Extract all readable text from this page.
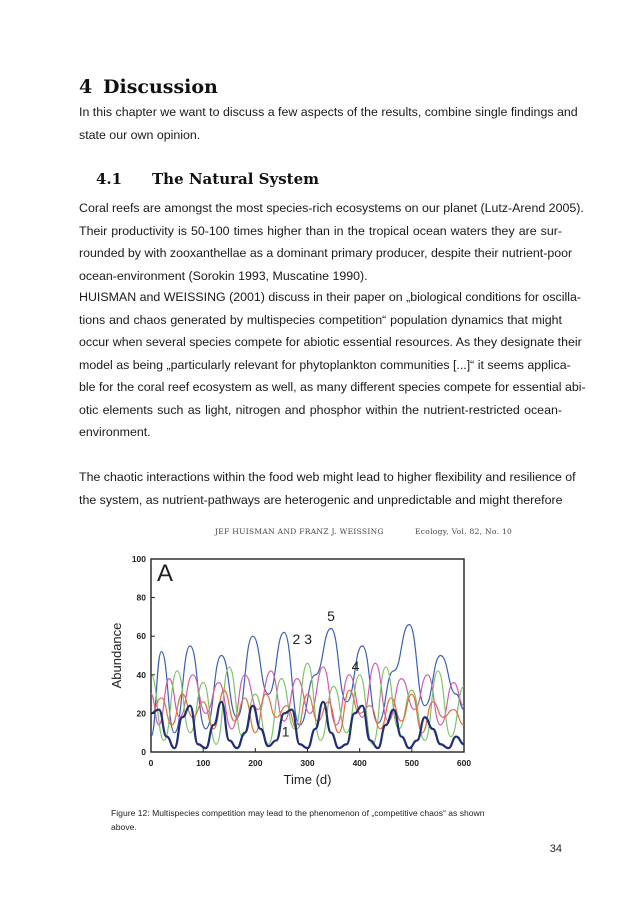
4 Discussion
In this chapter we want to discuss a few aspects of the results, combine single findings and
state our own opinion.
4.1 The Natural System
Coral reefs are amongst the most species-rich ecosystems on our planet (Lutz-Arend 2005).
Their productivity is 50-100 times higher than in the tropical ocean waters they are sur-
rounded by with zooxanthellae as a dominant primary producer, despite their nutrient-poor
ocean-environment (Sorokin 1993, Muscatine 1990).
HUISMAN and WEISSING (2001) discuss in their paper on „biological conditions for oscilla-
tions and chaos generated by multispecies competition“ population dynamics that might
occur when several species compete for abiotic essential resources. As they designate their
model as being „particularly relevant for phytoplankton communities [...]“ it seems applica-
ble for the coral reef ecosystem as well, as many different species compete for essential abi-
otic elements such as light, nitrogen and phosphor within the nutrient-restricted ocean-
environment.
The chaotic interactions within the food web might lead to higher flexibility and resilience of
the system, as nutrient-pathways are heterogenic and unpredictable and might therefore
JEF HUISMAN AND FRANZ J. WEISSING	Ecology, Vol. 82, No. 10
0	100	200	300	400	500	600
0
20
40
60
80
100
Time (d)
Abundance
A
5
2 3
4
1
Figure 12: Multispecies competition may lead to the phenomenon of „competitive chaos“ as shown
above.
34
